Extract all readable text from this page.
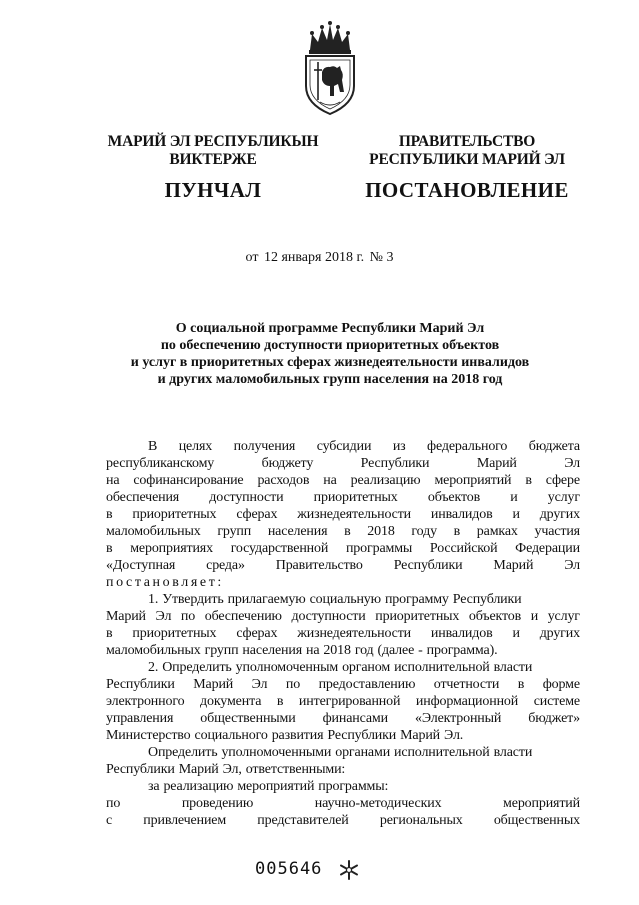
МАРИЙ ЭЛ РЕСПУБЛИКЫН
ВИКТЕРЖЕ
ПУНЧАЛ
ПРАВИТЕЛЬСТВО
РЕСПУБЛИКИ МАРИЙ ЭЛ
ПОСТАНОВЛЕНИЕ
от 12 января 2018 г. № 3
О социальной программе Республики Марий Эл
по обеспечению доступности приоритетных объектов
и услуг в приоритетных сферах жизнедеятельности инвалидов
и других маломобильных групп населения на 2018 год
В целях получения субсидии из федерального бюджета
республиканскому	бюджету	Республики	Марий	Эл
на софинансирование расходов на реализацию мероприятий в сфере
обеспечения доступности приоритетных объектов и услуг
в приоритетных сферах жизнедеятельности инвалидов и других
маломобильных групп населения в 2018 году в рамках участия
в мероприятиях государственной программы Российской Федерации
«Доступная среда» Правительство Республики Марий Эл
постановляет:
1. Утвердить прилагаемую социальную программу Республики
Марий Эл по обеспечению доступности приоритетных объектов и услуг
в приоритетных сферах жизнедеятельности инвалидов и других
маломобильных групп населения на 2018 год (далее - программа).
2. Определить уполномоченным органом исполнительной власти
Республики Марий Эл по предоставлению отчетности в форме
электронного документа в интегрированной информационной системе
управления общественными финансами «Электронный бюджет»
Министерство социального развития Республики Марий Эл.
Определить уполномоченными органами исполнительной власти
Республики Марий Эл, ответственными:
за реализацию мероприятий программы:
по	проведению	научно-методических	мероприятий
с привлечением представителей региональных общественных
005646
